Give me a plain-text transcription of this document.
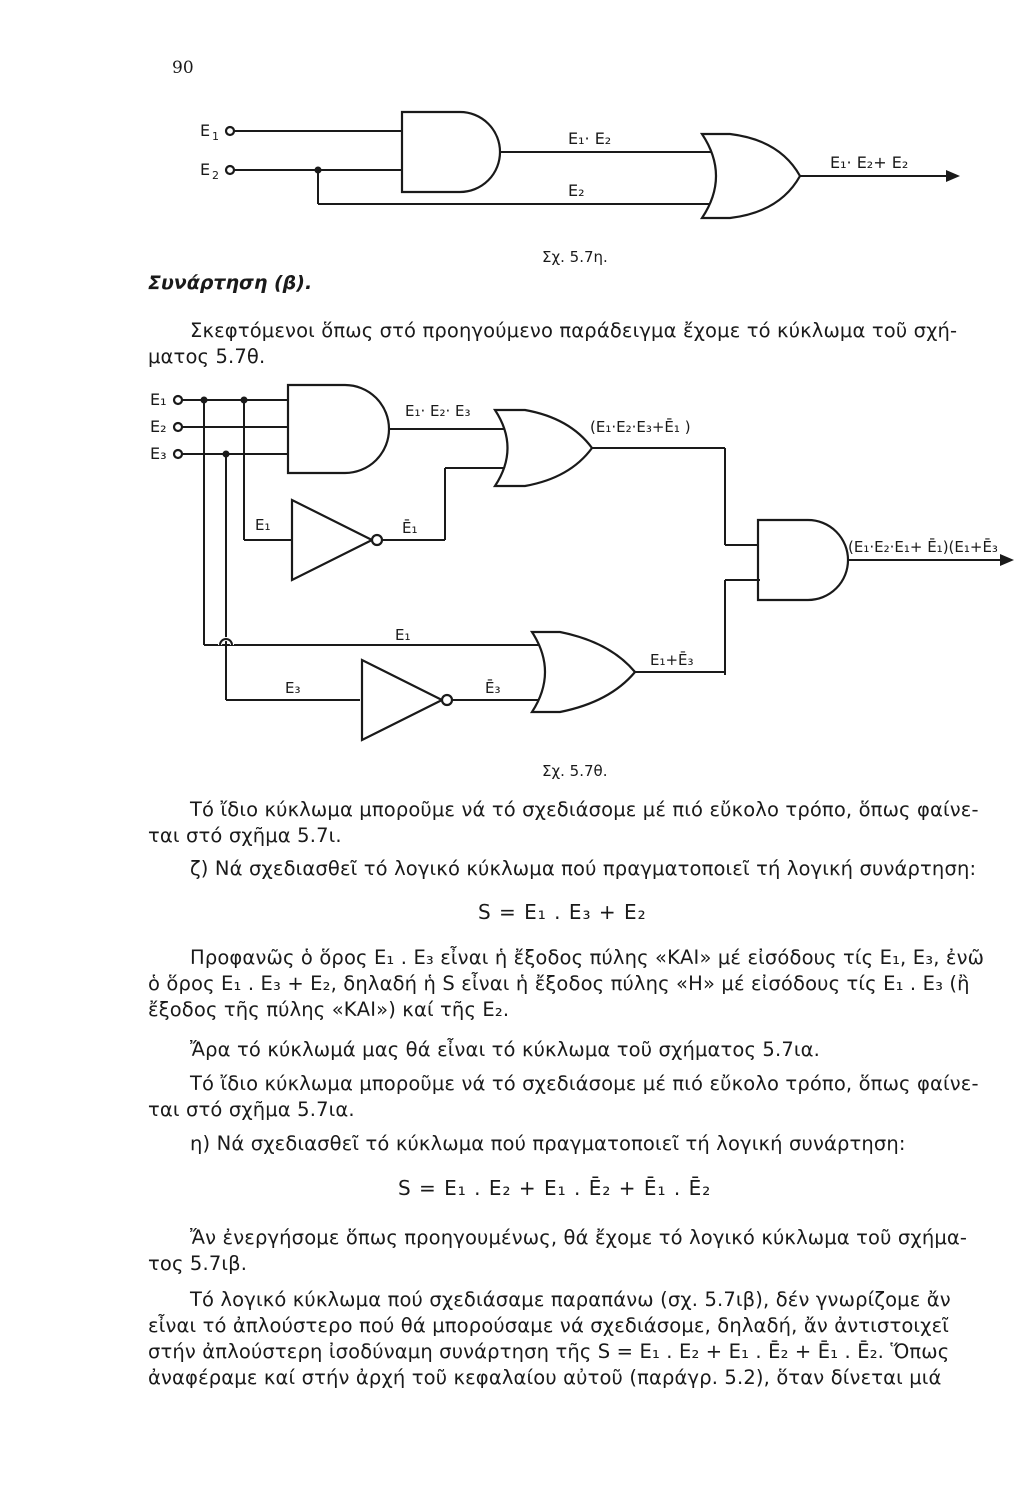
90
E 1
E 2
E₁· E₂
E₂
E₁· E₂+ E₂
Σχ. 5.7η.
Συνάρτηση (β).
Σκεφτόμενοι ὅπως στό προηγούμενο παράδειγμα ἔχομε τό κύκλωμα τοῦ σχή-
ματος 5.7θ.
E₁
E₂
E₃
E₁· E₂· E₃
(E₁·E₂·E₃+Ē₁ )
E₁	Ē₁
(E₁·E₂·E₁+ Ē₁)(E₁+Ē₃
E₁
E₃	Ē₃
E₁+Ē₃
Σχ. 5.7θ.
Τό ἴδιο κύκλωμα μποροῦμε νά τό σχεδιάσομε μέ πιό εὔκολο τρόπο, ὅπως φαίνε-
ται στό σχῆμα 5.7ι.
ζ) Νά σχεδιασθεῖ τό λογικό κύκλωμα πού πραγματοποιεῖ τή λογική συνάρτηση:
S = E₁ . E₃ + E₂
Προφανῶς ὁ ὅρος E₁ . E₃ εἶναι ἡ ἔξοδος πύλης «ΚΑΙ» μέ εἰσόδους τίς E₁, E₃, ἐνῶ
ὁ ὅρος E₁ . E₃ + E₂, δηλαδή ἡ S εἶναι ἡ ἔξοδος πύλης «H» μέ εἰσόδους τίς E₁ . E₃ (ἢ
ἔξοδος τῆς πύλης «ΚΑΙ») καί τῆς E₂.
Ἄρα τό κύκλωμά μας θά εἶναι τό κύκλωμα τοῦ σχήματος 5.7ια.
Τό ἴδιο κύκλωμα μποροῦμε νά τό σχεδιάσομε μέ πιό εὔκολο τρόπο, ὅπως φαίνε-
ται στό σχῆμα 5.7ια.
η) Νά σχεδιασθεῖ τό κύκλωμα πού πραγματοποιεῖ τή λογική συνάρτηση:
S = E₁ . E₂ + E₁ . Ē₂ + Ē₁ . Ē₂
Ἄν ἐνεργήσομε ὅπως προηγουμένως, θά ἔχομε τό λογικό κύκλωμα τοῦ σχήμα-
τος 5.7ιβ.
Τό λογικό κύκλωμα πού σχεδιάσαμε παραπάνω (σχ. 5.7ιβ), δέν γνωρίζομε ἄν
εἶναι τό ἀπλούστερο πού θά μπορούσαμε νά σχεδιάσομε, δηλαδή, ἄν ἀντιστοιχεῖ
στήν ἀπλούστερη ἰσοδύναμη συνάρτηση τῆς S = E₁ . E₂ + E₁ . Ē₂ + Ē₁ . Ē₂. Ὅπως
ἀναφέραμε καί στήν ἀρχή τοῦ κεφαλαίου αὐτοῦ (παράγρ. 5.2), ὅταν δίνεται μιά
